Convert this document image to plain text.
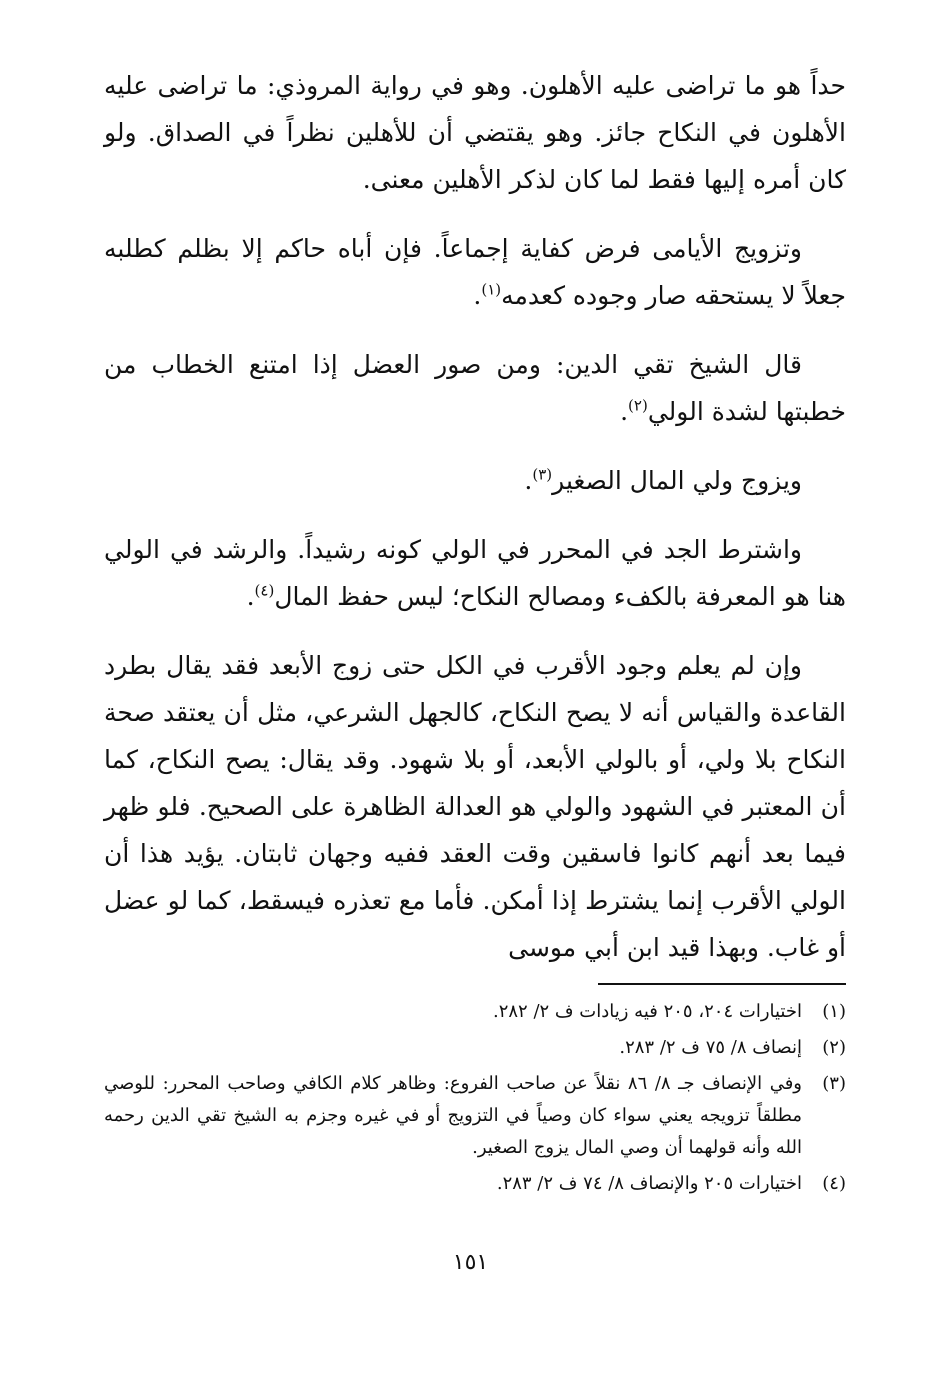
حداً هو ما تراضى عليه الأهلون. وهو في رواية المروذي: ما تراضى عليه الأهلون في النكاح جائز. وهو يقتضي أن للأهلين نظراً في الصداق. ولو كان أمره إليها فقط لما كان لذكر الأهلين معنى.

وتزويج الأيامى فرض كفاية إجماعاً. فإن أباه حاكم إلا بظلم كطلبه جعلاً لا يستحقه صار وجوده كعدمه$^{(١)}$.

قال الشيخ تقي الدين: ومن صور العضل إذا امتنع الخطاب من خطبتها لشدة الولي$^{(٢)}$.

ويزوج ولي المال الصغير$^{(٣)}$.

واشترط الجد في المحرر في الولي كونه رشيداً. والرشد في الولي هنا هو المعرفة بالكفء ومصالح النكاح؛ ليس حفظ المال$^{(٤)}$.

وإن لم يعلم وجود الأقرب في الكل حتى زوج الأبعد فقد يقال بطرد القاعدة والقياس أنه لا يصح النكاح، كالجهل الشرعي، مثل أن يعتقد صحة النكاح بلا ولي، أو بالولي الأبعد، أو بلا شهود. وقد يقال: يصح النكاح، كما أن المعتبر في الشهود والولي هو العدالة الظاهرة على الصحيح. فلو ظهر فيما بعد أنهم كانوا فاسقين وقت العقد ففيه وجهان ثابتان. يؤيد هذا أن الولي الأقرب إنما يشترط إذا أمكن. فأما مع تعذره فيسقط، كما لو عضل أو غاب. وبهذا قيد ابن أبي موسى

(١)
اختيارات ٢٠٤، ٢٠٥ فيه زيادات ف ٢/ ٢٨٢.
(٢)
إنصاف ٨/ ٧٥ ف ٢/ ٢٨٣.
(٣)
وفي الإنصاف جـ ٨/ ٨٦ نقلاً عن صاحب الفروع: وظاهر كلام الكافي وصاحب المحرر: للوصي مطلقاً تزويجه يعني سواء كان وصياً في التزويج أو في غيره وجزم به الشيخ تقي الدين رحمه الله وأنه قولهما أن وصي المال يزوج الصغير.
(٤)
اختيارات ٢٠٥ والإنصاف ٨/ ٧٤ ف ٢/ ٢٨٣.
١٥١
